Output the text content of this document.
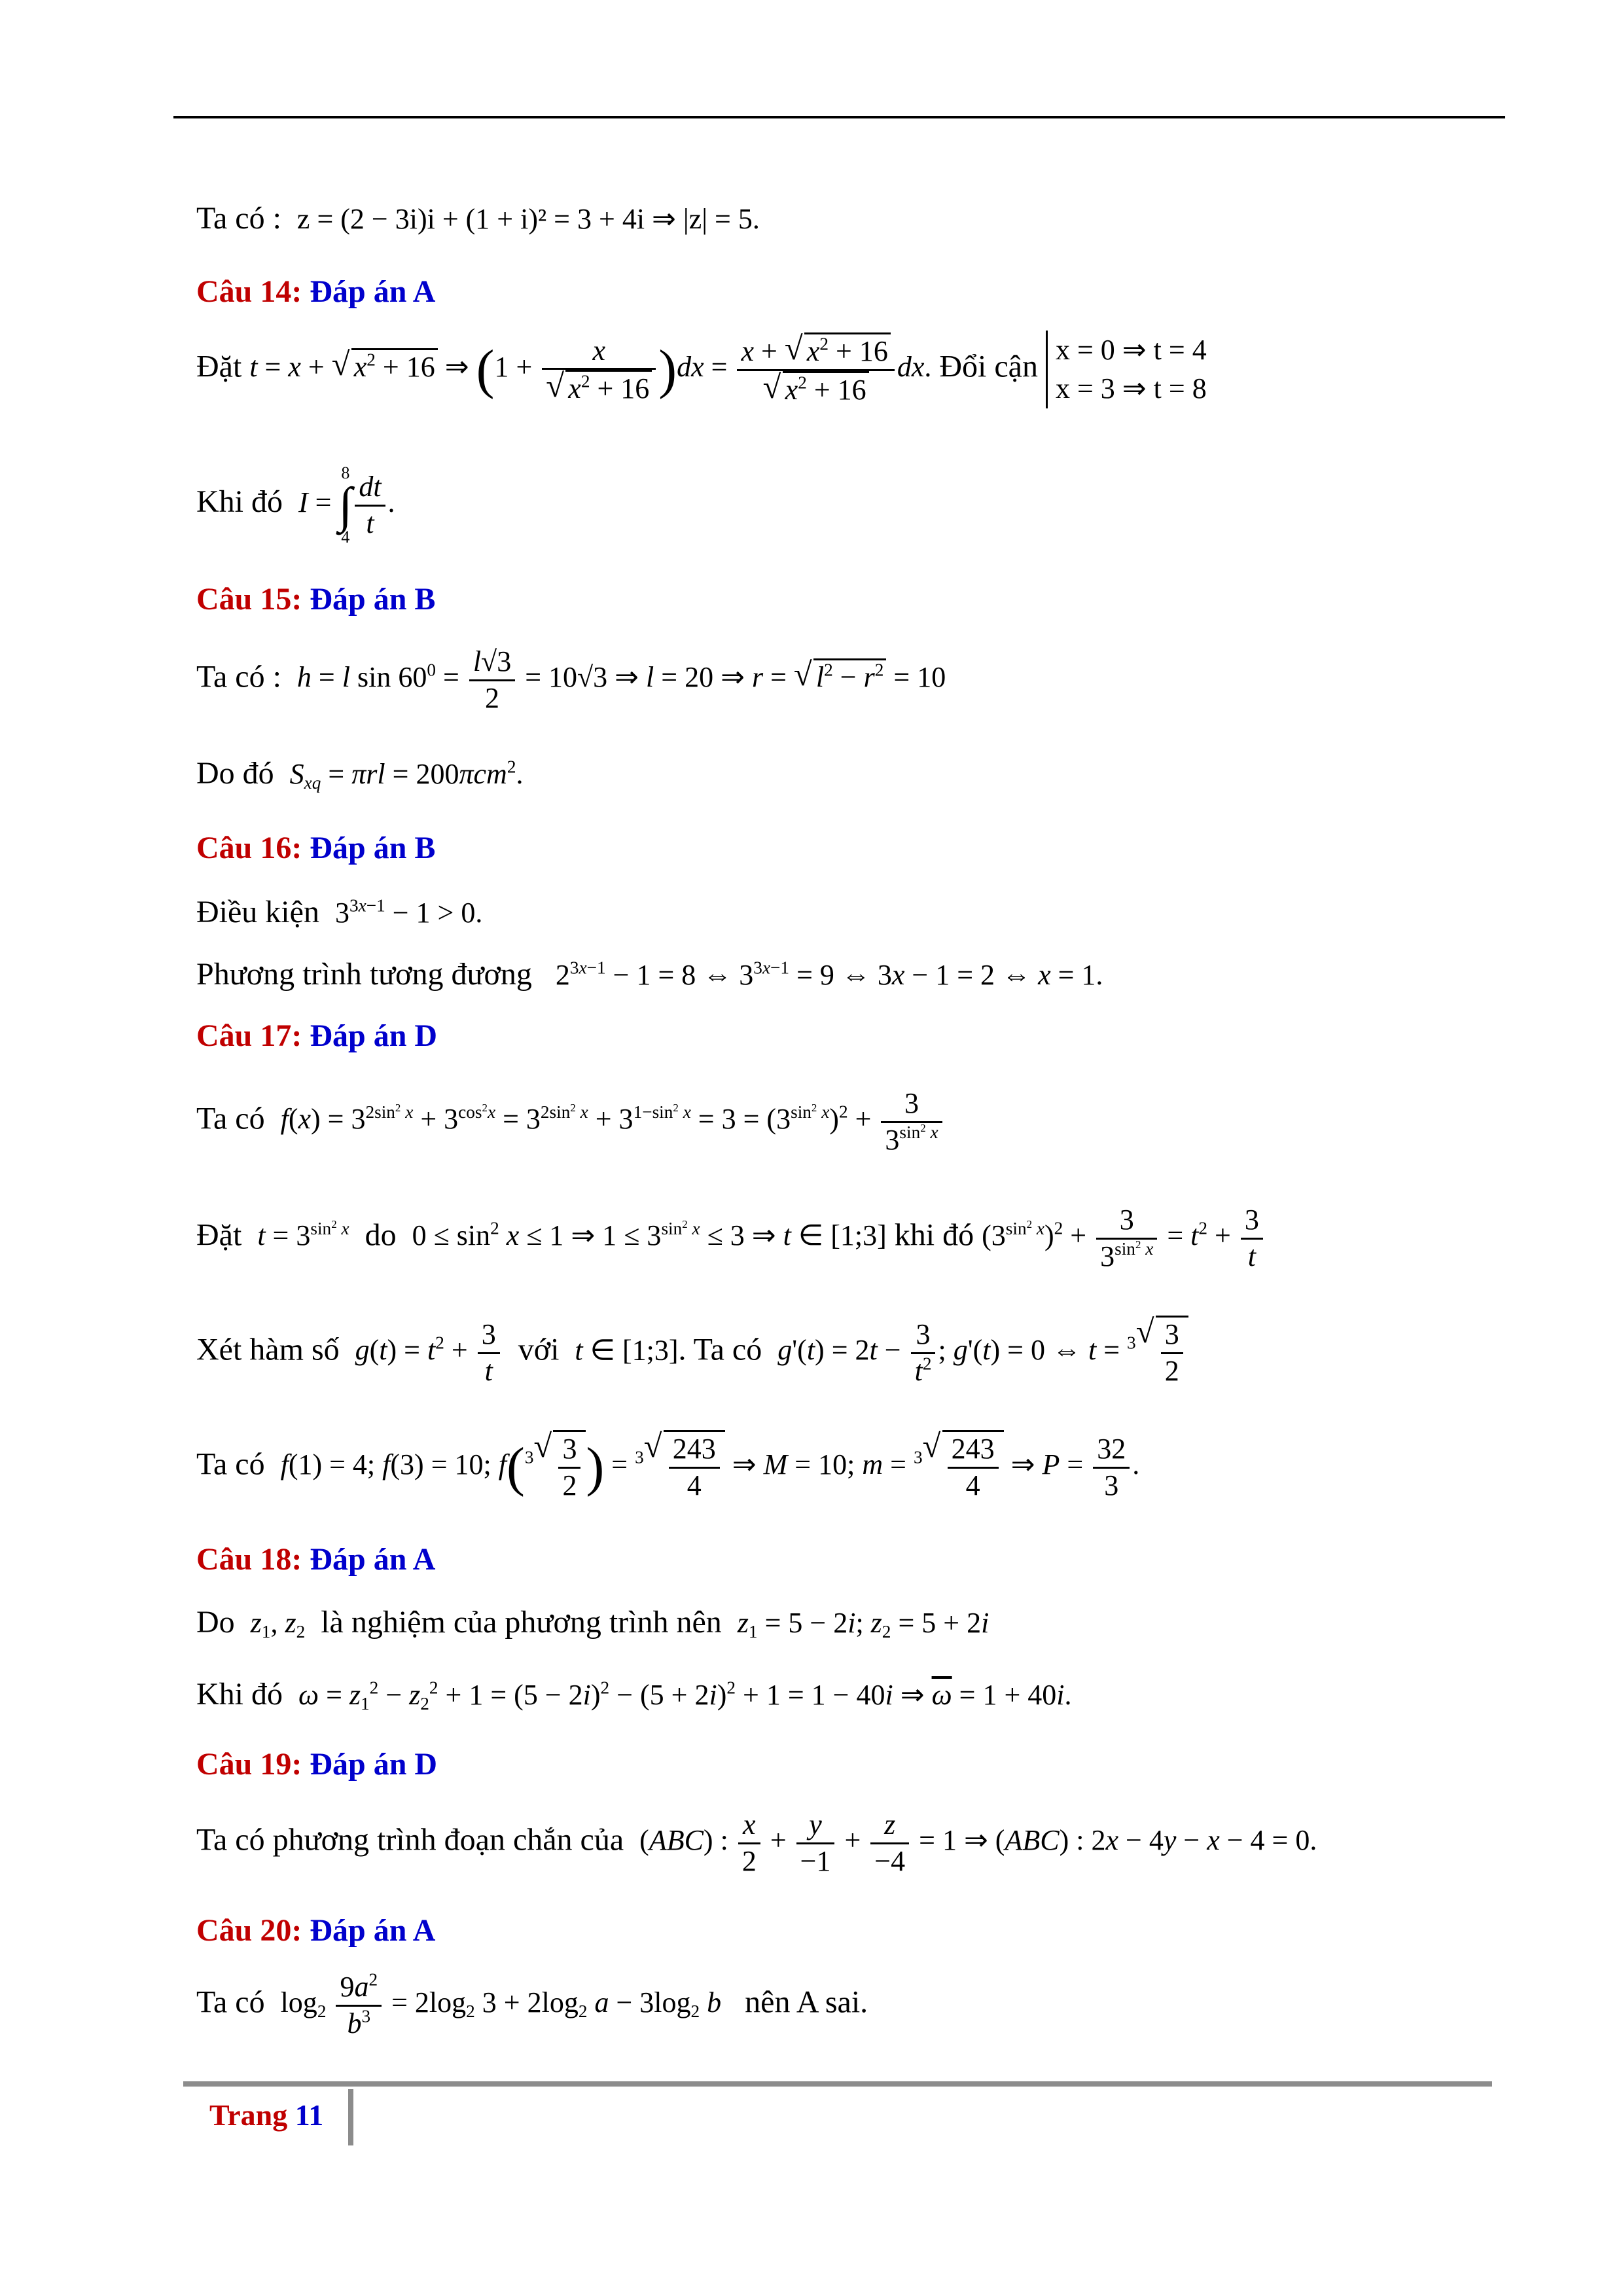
Ta có : z = (2 − 3i)i + (1 + i)² = 3 + 4i ⇒ |z| = 5.
Câu 14: Đáp án A
Đặt t = x + √ $x^2 + 16$ ⇒ (1 + x
√ $x^2 + 16$ )dx = x + √ $x^2 + 16$
√ $x^2 + 16$ dx. Đổi cận x = 0 ⇒ t = 4
x = 3 ⇒ t = 8
Khi đó I = 8
∫
$4 \frac{dt}{t}$ .
Câu 15: Đáp án B
Ta có : h = l $\sin 60^0 = \frac{l√3}{2} = 10√3$ ⇒ l = 20 ⇒ r = √ $l^2 - r^2 = 10$
Do đó $S_{xq} = \pi rl = 200\pi cm^2$.
Câu 16: Đáp án B
Điều kiện $3^{3x-1} - 1 > 0$.
Phương trình tương đương $2^{3x-1} - 1 = 8$ ⇔ $3^{3x-1} = 9$ ⇔ 3x − 1 = 2 ⇔ x = 1.
Câu 17: Đáp án D
Ta có $f(x) = 3^{2sin^2 x} + 3^{cos^2x} = 3^{2sin^2 x} + 3^{1-sin^2 x} = 3 = (3^{sin^2 x})^2 + \frac{3}{3^{sin^2 x}}$
Đặt $t = 3^{sin^2 x}$ do $0 \le \sin^2 x \le 1$ ⇒ $1 \le 3^{sin^2 x} \le 3$ ⇒ t ∈ [1;3] khi đó $(3^{sin^2 x})^2 + \frac{3}{3^{sin^2 x}} = t^2 + \frac{3}{t}$
Xét hàm số $g(t) = t^2 + \frac{3}{t}$ với t ∈ [1;3]. Ta có $g'(t) = 2t - \frac{3}{t^2}$ ; g'(t) = 0 ⇔ t = $^3$ √ $\frac{3}{2}$
Ta có f(1) = 4; f(3) = 10; f($^3$ √ $\frac{3}{2}$ ) = $^3$ √ $\frac{243}{4}$ ⇒ M = 10; m = $^3$ √ $\frac{243}{4}$ ⇒ $P = \frac{32}{3}$ .
Câu 18: Đáp án A
Do $z_1$, $z_2$ là nghiệm của phương trình nên $z_1 = 5 - 2i$; $z_2 = 5 + 2i$
Khi đó $\omega = z_1^2 - z_2^2 + 1 = (5 - 2i)^2 - (5 + 2i)^2 + 1 = 1 - 40i$ ⇒ $\overline{\omega} = 1 + 40i$.
Câu 19: Đáp án D
Ta có phương trình đoạn chắn của (ABC) : $\frac{x}{2} + \frac{y}{-1} + \frac{z}{-4} = 1$ ⇒ (ABC) : 2x − 4y − x − 4 = 0.
Câu 20: Đáp án A
Ta có $\log_2 \frac{9a^2}{b^3} = 2\log_2$ $3 + 2\log_2$ $a - 3\log_2$ b nên A sai.
Trang 11
